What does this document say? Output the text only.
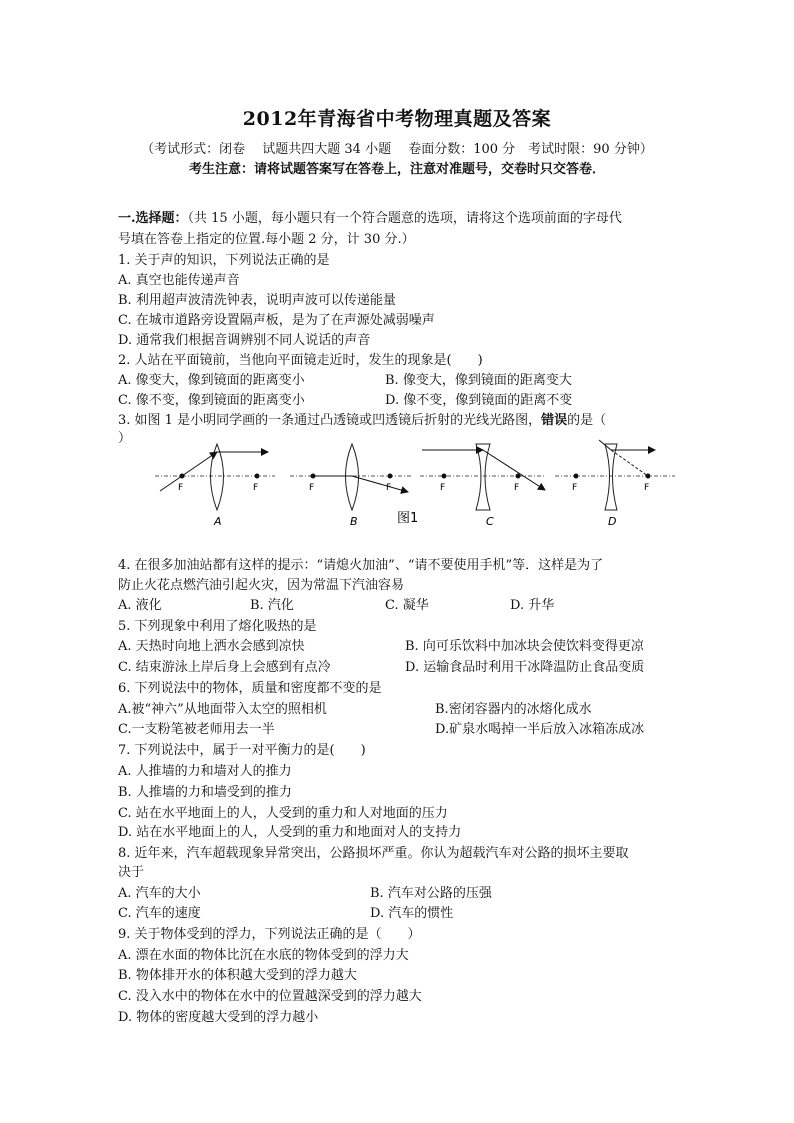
2012年青海省中考物理真题及答案
（考试形式：闭卷　 试题共四大题 34 小题　 卷面分数：100 分　考试时限：90 分钟）
考生注意：请将试题答案写在答卷上，注意对准题号，交卷时只交答卷．
一.选择题：（共 15 小题，每小题只有一个符合题意的选项，请将这个选项前面的字母代
号填在答卷上指定的位置.每小题 2 分，计 30 分.）
1. 关于声的知识，下列说法正确的是
A. 真空也能传递声音
B. 利用超声波清洗钟表，说明声波可以传递能量
C. 在城市道路旁设置隔声板，是为了在声源处减弱噪声
D. 通常我们根据音调辨别不同人说话的声音
2. 人站在平面镜前，当他向平面镜走近时，发生的现象是(　　)
A. 像变大，像到镜面的距离变小	B. 像变大，像到镜面的距离变大
C. 像不变，像到镜面的距离变小	D. 像不变，像到镜面的距离不变
3. 如图 1 是小明同学画的一条通过凸透镜或凹透镜后折射的光线光路图，错误的是（
）
F	F
A
F	F
B	图1
F	F
C
F	F
D
4. 在很多加油站都有这样的提示：“请熄火加油”、“请不要使用手机”等．这样是为了
防止火花点燃汽油引起火灾，因为常温下汽油容易
A. 液化	B. 汽化	C. 凝华	D. 升华
5. 下列现象中利用了熔化吸热的是
A. 天热时向地上洒水会感到凉快	B. 向可乐饮料中加冰块会使饮料变得更凉
C. 结束游泳上岸后身上会感到有点冷	D. 运输食品时利用干冰降温防止食品变质
6. 下列说法中的物体，质量和密度都不变的是
A.被“神六”从地面带入太空的照相机	B.密闭容器内的冰熔化成水
C.一支粉笔被老师用去一半	D.矿泉水喝掉一半后放入冰箱冻成冰
7. 下列说法中，属于一对平衡力的是(　　)
A. 人推墙的力和墙对人的推力
B. 人推墙的力和墙受到的推力
C. 站在水平地面上的人，人受到的重力和人对地面的压力
D. 站在水平地面上的人，人受到的重力和地面对人的支持力
8. 近年来，汽车超载现象异常突出，公路损坏严重。你认为超载汽车对公路的损坏主要取
决于
A. 汽车的大小	B. 汽车对公路的压强
C. 汽车的速度	D. 汽车的惯性
9. 关于物体受到的浮力，下列说法正确的是（　　）
A. 漂在水面的物体比沉在水底的物体受到的浮力大
B. 物体排开水的体积越大受到的浮力越大
C. 没入水中的物体在水中的位置越深受到的浮力越大
D. 物体的密度越大受到的浮力越小
